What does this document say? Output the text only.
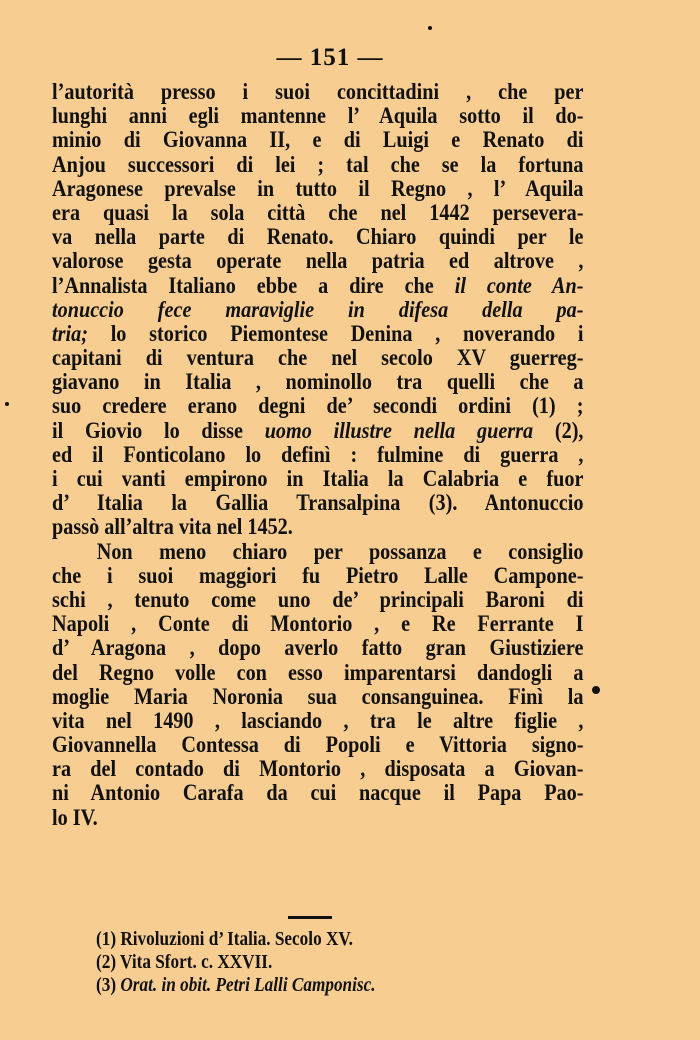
— 151 —
l’autorità presso i suoi concittadini , che per
lunghi anni egli mantenne l’ Aquila sotto il do-
minio di Giovanna II, e di Luigi e Renato di
Anjou successori di lei ; tal che se la fortuna
Aragonese prevalse in tutto il Regno , l’ Aquila
era quasi la sola città che nel 1442 persevera-
va nella parte di Renato. Chiaro quindi per le
valorose gesta operate nella patria ed altrove ,
l’Annalista Italiano ebbe a dire che il conte An-
tonuccio fece maraviglie in difesa della pa-
tria; lo storico Piemontese Denina , noverando i
capitani di ventura che nel secolo XV guerreg-
giavano in Italia , nominollo tra quelli che a
suo credere erano degni de’ secondi ordini (1) ;
il Giovio lo disse uomo illustre nella guerra (2),
ed il Fonticolano lo definì : fulmine di guerra ,
i cui vanti empirono in Italia la Calabria e fuor
d’ Italia la Gallia Transalpina (3). Antonuccio
passò all’altra vita nel 1452.
Non meno chiaro per possanza e consiglio
che i suoi maggiori fu Pietro Lalle Campone-
schi , tenuto come uno de’ principali Baroni di
Napoli , Conte di Montorio , e Re Ferrante I
d’ Aragona , dopo averlo fatto gran Giustiziere
del Regno volle con esso imparentarsi dandogli a
moglie Maria Noronia sua consanguinea. Finì la
vita nel 1490 , lasciando , tra le altre figlie ,
Giovannella Contessa di Popoli e Vittoria signo-
ra del contado di Montorio , disposata a Giovan-
ni Antonio Carafa da cui nacque il Papa Pao-
lo IV.
(1) Rivoluzioni d’ Italia. Secolo XV.
(2) Vita Sfort. c. XXVII.
(3) Orat. in obit. Petri Lalli Camponisc.
